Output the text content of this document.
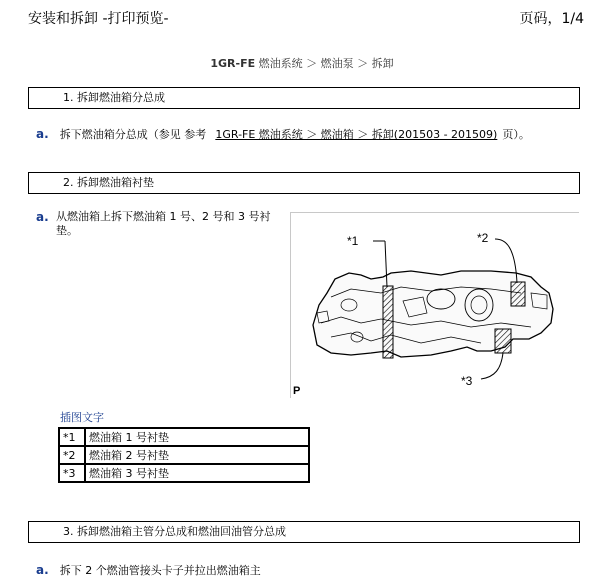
安装和拆卸 -打印预览-	页码，1/4
1GR-FE 燃油系统 ＞ 燃油泵 ＞ 拆卸
1. 拆卸燃油箱分总成
a. 拆下燃油箱分总成（参见 参考 1GR-FE 燃油系统 ＞ 燃油箱 ＞ 拆卸(201503 - 201509) 页）。
2. 拆卸燃油箱衬垫
a. 从燃油箱上拆下燃油箱 1 号、2 号和 3 号衬垫。
*1	*2
*3
P
插图文字
*1	燃油箱 1 号衬垫
*2	燃油箱 2 号衬垫
*3	燃油箱 3 号衬垫
3. 拆卸燃油箱主管分总成和燃油回油管分总成
a. 拆下 2 个燃油管接头卡子并拉出燃油箱主
